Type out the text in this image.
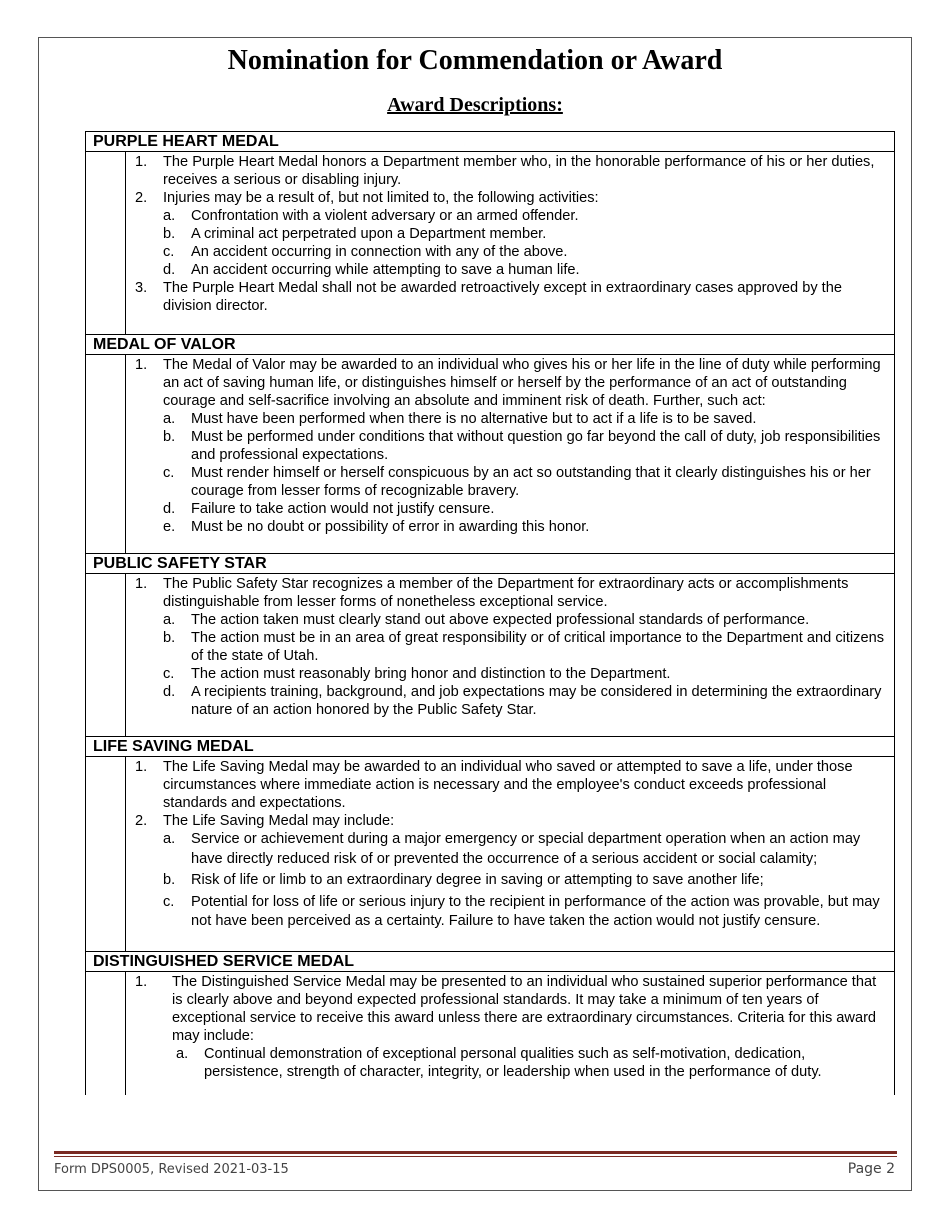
Nomination for Commendation or Award
Award Descriptions:
PURPLE HEART MEDAL
1. The Purple Heart Medal honors a Department member who, in the honorable performance of his or her duties, receives a serious or disabling injury.
2. Injuries may be a result of, but not limited to, the following activities:
a. Confrontation with a violent adversary or an armed offender.
b. A criminal act perpetrated upon a Department member.
c. An accident occurring in connection with any of the above.
d. An accident occurring while attempting to save a human life.
3. The Purple Heart Medal shall not be awarded retroactively except in extraordinary cases approved by the division director.
MEDAL OF VALOR
1. The Medal of Valor may be awarded to an individual who gives his or her life in the line of duty while performing an act of saving human life, or distinguishes himself or herself by the performance of an act of outstanding courage and self-sacrifice involving an absolute and imminent risk of death. Further, such act:
a. Must have been performed when there is no alternative but to act if a life is to be saved.
b. Must be performed under conditions that without question go far beyond the call of duty, job responsibilities and professional expectations.
c. Must render himself or herself conspicuous by an act so outstanding that it clearly distinguishes his or her courage from lesser forms of recognizable bravery.
d. Failure to take action would not justify censure.
e. Must be no doubt or possibility of error in awarding this honor.
PUBLIC SAFETY STAR
1. The Public Safety Star recognizes a member of the Department for extraordinary acts or accomplishments distinguishable from lesser forms of nonetheless exceptional service.
a. The action taken must clearly stand out above expected professional standards of performance.
b. The action must be in an area of great responsibility or of critical importance to the Department and citizens of the state of Utah.
c. The action must reasonably bring honor and distinction to the Department.
d. A recipients training, background, and job expectations may be considered in determining the extraordinary nature of an action honored by the Public Safety Star.
LIFE SAVING MEDAL
1. The Life Saving Medal may be awarded to an individual who saved or attempted to save a life, under those circumstances where immediate action is necessary and the employee's conduct exceeds professional standards and expectations.
2. The Life Saving Medal may include:
a. Service or achievement during a major emergency or special department operation when an action may have directly reduced risk of or prevented the occurrence of a serious accident or social calamity;
b. Risk of life or limb to an extraordinary degree in saving or attempting to save another life;
c. Potential for loss of life or serious injury to the recipient in performance of the action was provable, but may not have been perceived as a certainty. Failure to have taken the action would not justify censure.
DISTINGUISHED SERVICE MEDAL
1. The Distinguished Service Medal may be presented to an individual who sustained superior performance that is clearly above and beyond expected professional standards. It may take a minimum of ten years of exceptional service to receive this award unless there are extraordinary circumstances. Criteria for this award may include:
a. Continual demonstration of exceptional personal qualities such as self-motivation, dedication, persistence, strength of character, integrity, or leadership when used in the performance of duty.
Form DPS0005, Revised 2021-03-15	Page 2
